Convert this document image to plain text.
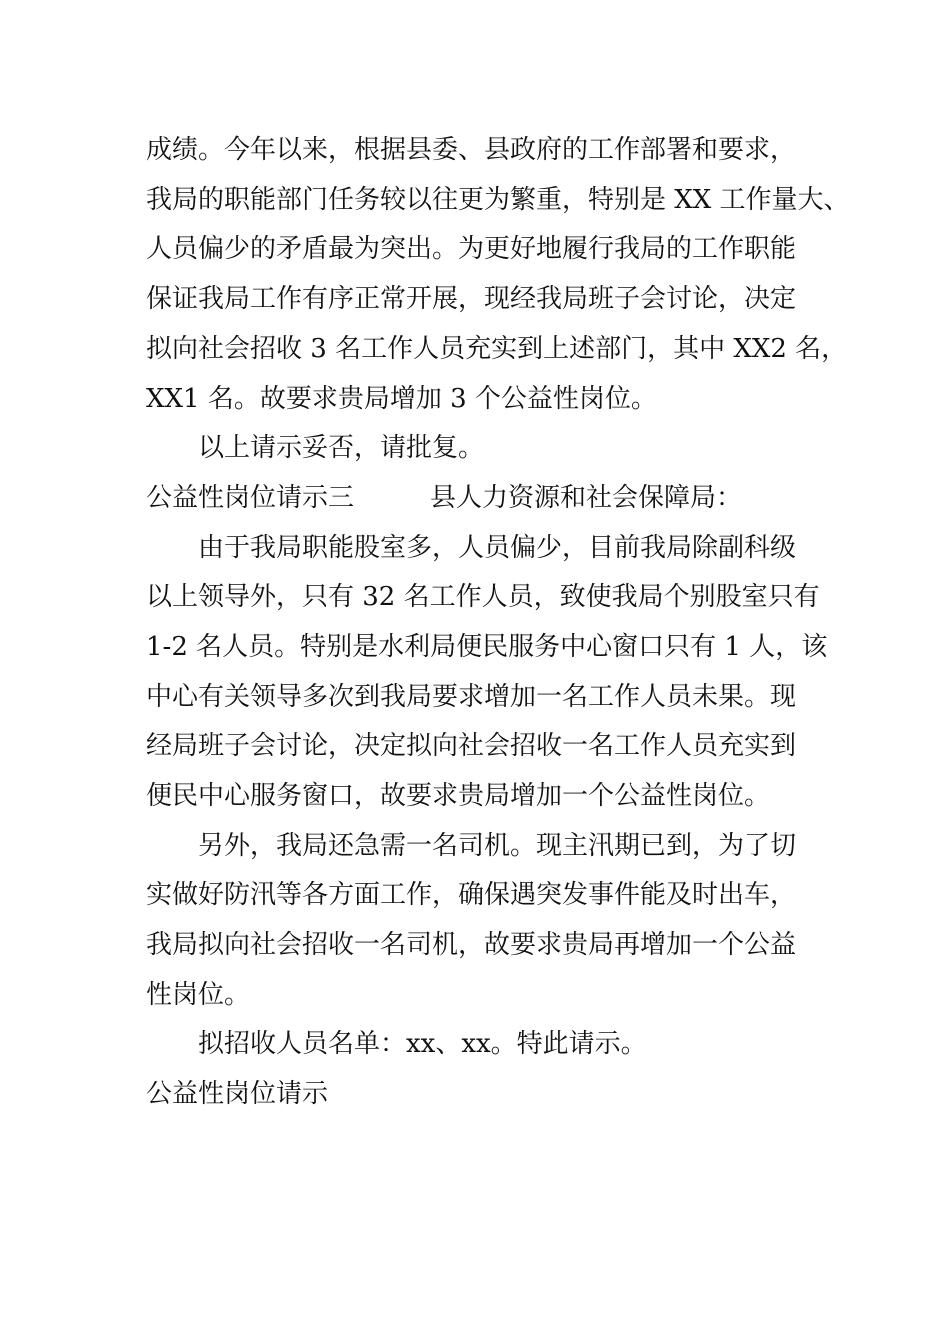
成绩。今年以来，根据县委、县政府的工作部署和要求，
我局的职能部门任务较以往更为繁重，特别是 XX 工作量大、
人员偏少的矛盾最为突出。为更好地履行我局的工作职能
保证我局工作有序正常开展，现经我局班子会讨论，决定
拟向社会招收 3 名工作人员充实到上述部门，其中 XX2 名，
XX1 名。故要求贵局增加 3 个公益性岗位。
以上请示妥否，请批复。
公益性岗位请示三	县人力资源和社会保障局：
由于我局职能股室多，人员偏少，目前我局除副科级
以上领导外，只有 32 名工作人员，致使我局个别股室只有
1-2 名人员。特别是水利局便民服务中心窗口只有 1 人，该
中心有关领导多次到我局要求增加一名工作人员未果。现
经局班子会讨论，决定拟向社会招收一名工作人员充实到
便民中心服务窗口，故要求贵局增加一个公益性岗位。
另外，我局还急需一名司机。现主汛期已到，为了切
实做好防汛等各方面工作，确保遇突发事件能及时出车，
我局拟向社会招收一名司机，故要求贵局再增加一个公益
性岗位。
拟招收人员名单：xx、xx。特此请示。
公益性岗位请示
